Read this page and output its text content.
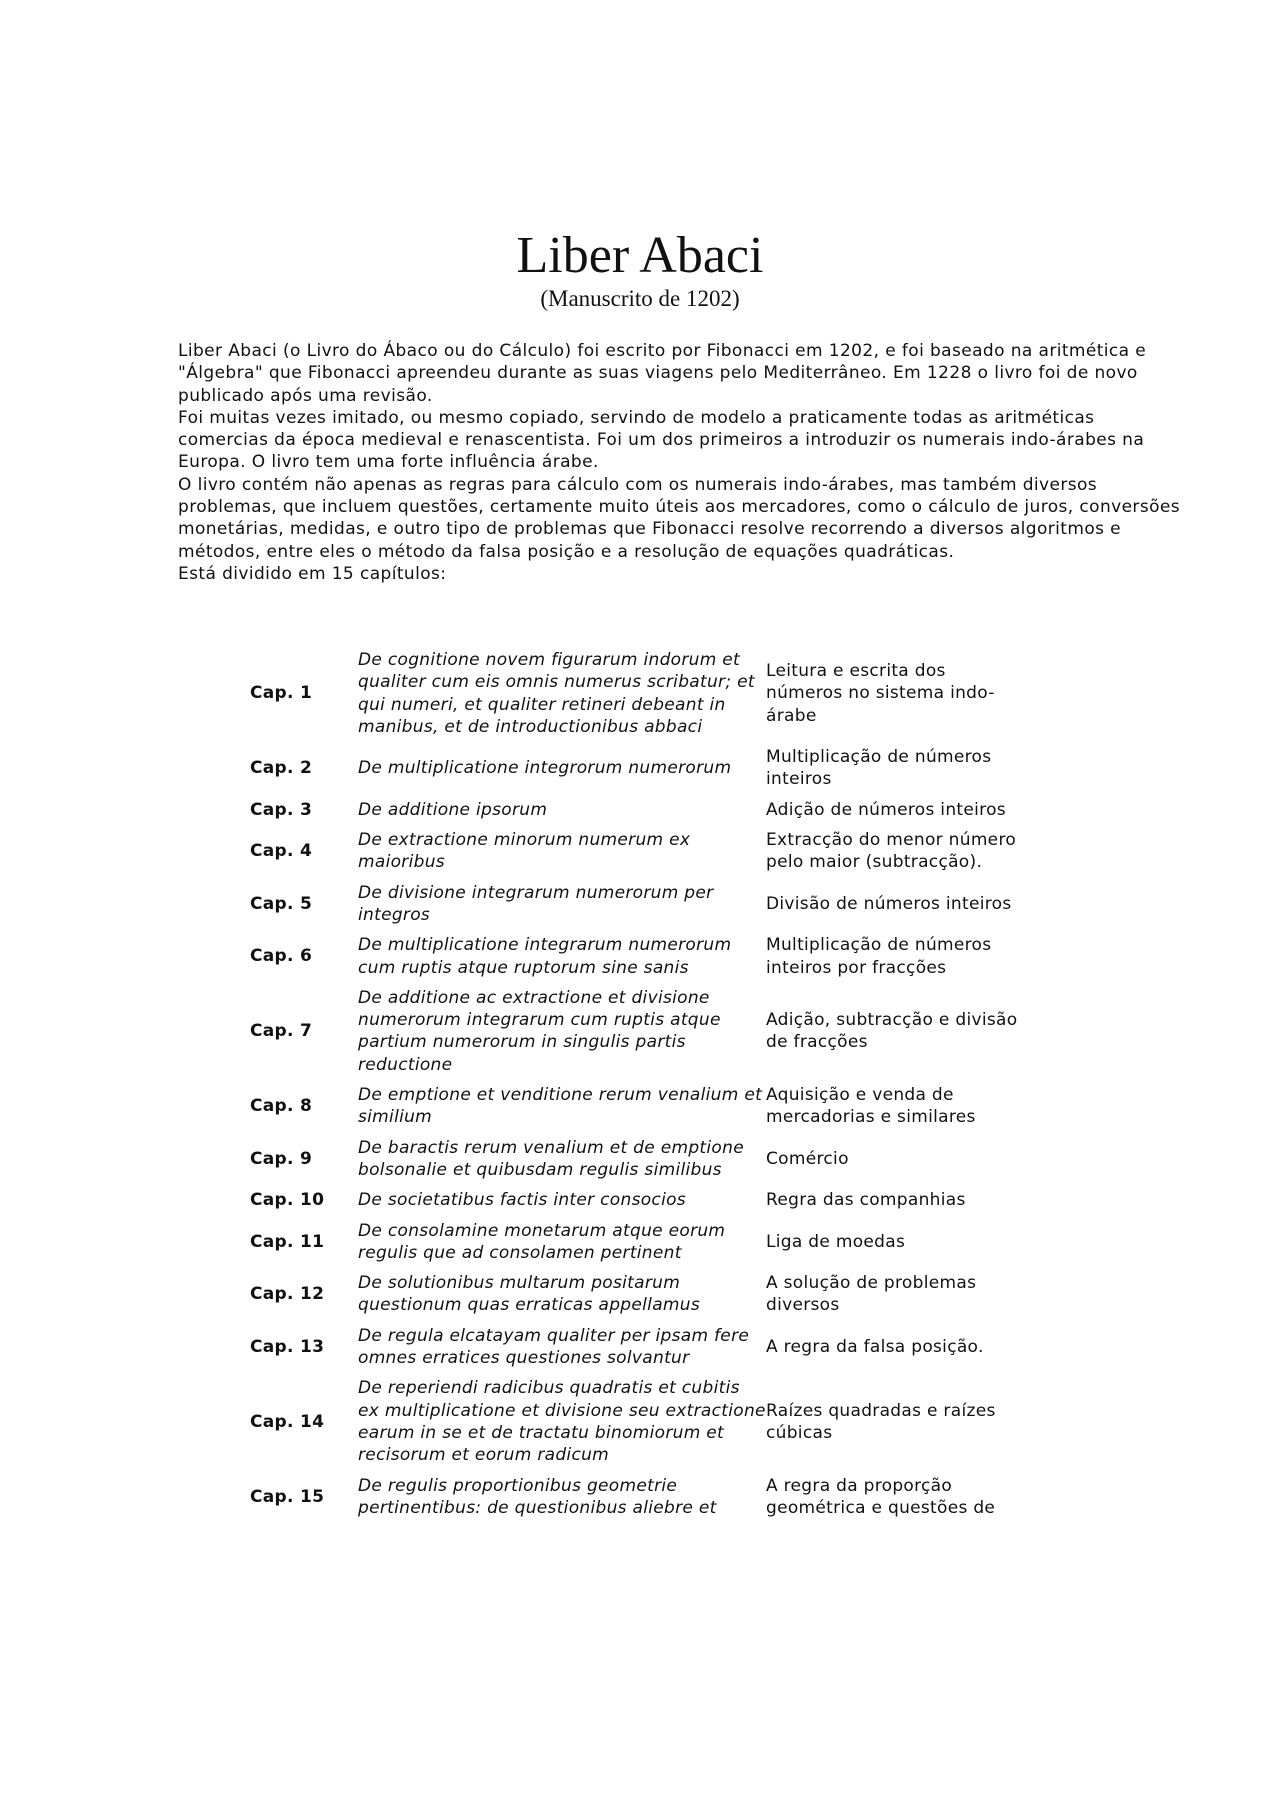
Liber Abaci
(Manuscrito de 1202)

Liber Abaci (o Livro do Ábaco ou do Cálculo) foi escrito por Fibonacci em 1202, e foi baseado na aritmética e "Álgebra" que Fibonacci apreendeu durante as suas viagens pelo Mediterrâneo. Em 1228 o livro foi de novo publicado após uma revisão.

Foi muitas vezes imitado, ou mesmo copiado, servindo de modelo a praticamente todas as aritméticas comercias da época medieval e renascentista. Foi um dos primeiros a introduzir os numerais indo-árabes na Europa. O livro tem uma forte influência árabe.

O livro contém não apenas as regras para cálculo com os numerais indo-árabes, mas também diversos problemas, que incluem questões, certamente muito úteis aos mercadores, como o cálculo de juros, conversões monetárias, medidas, e outro tipo de problemas que Fibonacci resolve recorrendo a diversos algoritmos e métodos, entre eles o método da falsa posição e a resolução de equações quadráticas.

Está dividido em 15 capítulos:

Cap. 1	De cognitione novem figurarum indorum et qualiter cum eis omnis numerus scribatur; et qui numeri, et qualiter retineri debeant in manibus, et de introductionibus abbaci	Leitura e escrita dos números no sistema indo-árabe
Cap. 2	De multiplicatione integrorum numerorum	Multiplicação de números inteiros
Cap. 3	De additione ipsorum	Adição de números inteiros
Cap. 4	De extractione minorum numerum ex maioribus	Extracção do menor número pelo maior (subtracção).
Cap. 5	De divisione integrarum numerorum per integros	Divisão de números inteiros
Cap. 6	De multiplicatione integrarum numerorum cum ruptis atque ruptorum sine sanis	Multiplicação de números inteiros por fracções
Cap. 7	De additione ac extractione et divisione numerorum integrarum cum ruptis atque partium numerorum in singulis partis reductione	Adição, subtracção e divisão de fracções
Cap. 8	De emptione et venditione rerum venalium et similium	Aquisição e venda de mercadorias e similares
Cap. 9	De baractis rerum venalium et de emptione bolsonalie et quibusdam regulis similibus	Comércio
Cap. 10	De societatibus factis inter consocios	Regra das companhias
Cap. 11	De consolamine monetarum atque eorum regulis que ad consolamen pertinent	Liga de moedas
Cap. 12	De solutionibus multarum positarum questionum quas erraticas appellamus	A solução de problemas diversos
Cap. 13	De regula elcatayam qualiter per ipsam fere omnes erratices questiones solvantur	A regra da falsa posição.
Cap. 14	De reperiendi radicibus quadratis et cubitis ex multiplicatione et divisione seu extractione earum in se et de tractatu binomiorum et recisorum et eorum radicum	Raízes quadradas e raízes cúbicas
Cap. 15	De regulis proportionibus geometrie pertinentibus: de questionibus aliebre et	A regra da proporção geométrica e questões de
